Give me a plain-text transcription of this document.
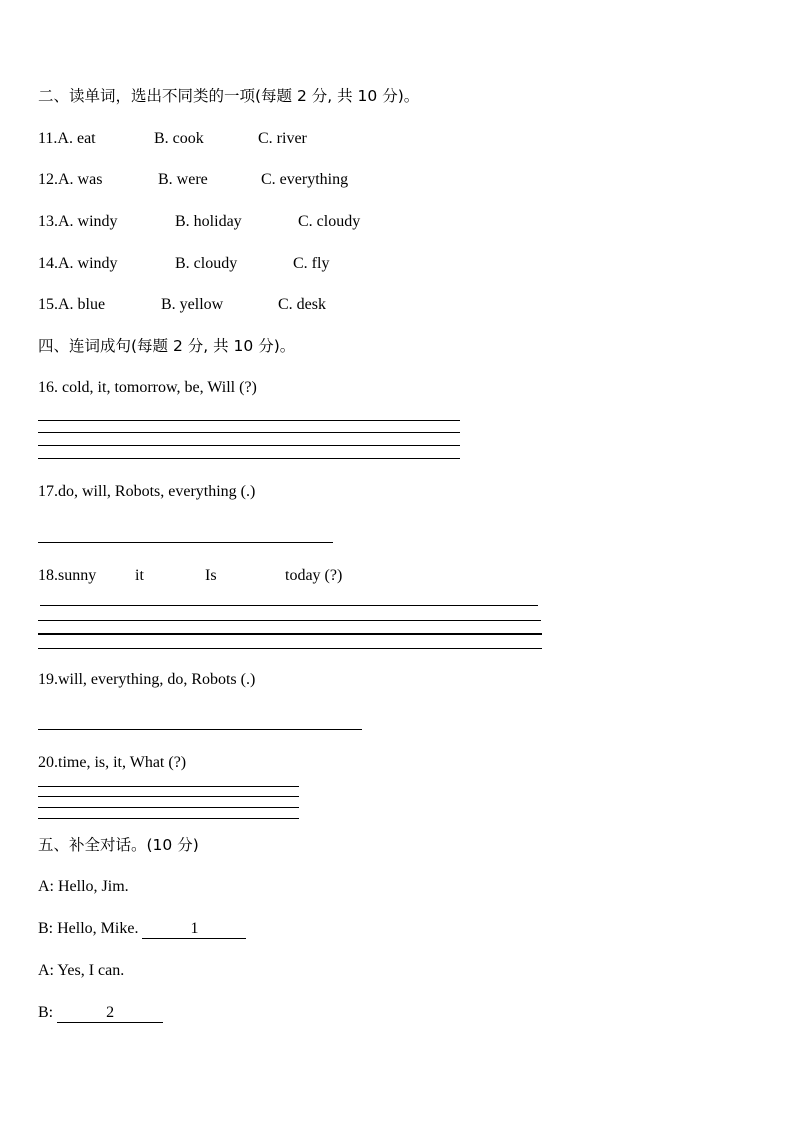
二、读单词，选出不同类的一项(每题 2 分, 共 10 分)。
11.A. eat	B. cook	C. river
12.A. was	B. were	C. everything
13.A. windy	B. holiday	C. cloudy
14.A. windy	B. cloudy	C. fly
15.A. blue	B. yellow	C. desk
四、连词成句(每题 2 分, 共 10 分)。
16. cold, it, tomorrow, be, Will (?)
17.do, will, Robots, everything (.)
18.sunny it	Is	today (?)
19.will, everything, do, Robots (.)
20.time, is, it, What (?)
五、补全对话。(10 分)
A: Hello, Jim.
B: Hello, Mike.	1
A: Yes, I can.
B:	2
